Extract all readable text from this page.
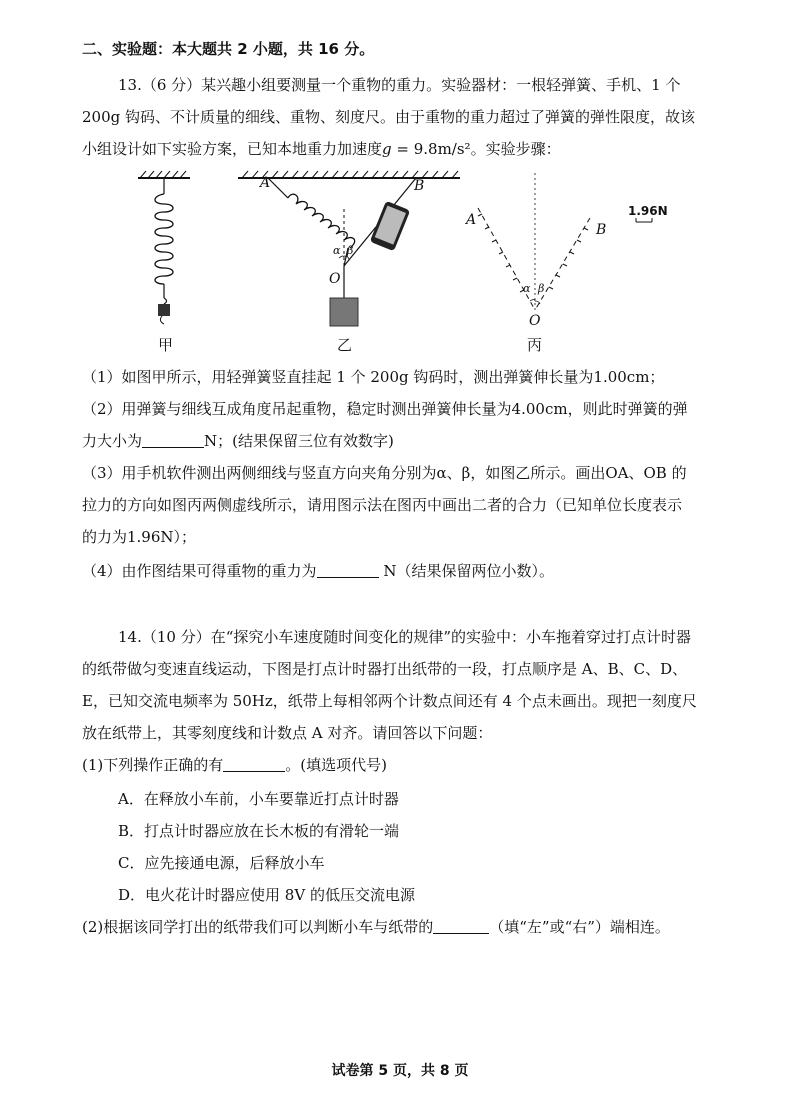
二、实验题：本大题共 2 小题，共 16 分。
13.（6 分）某兴趣小组要测量一个重物的重力。实验器材：一根轻弹簧、手机、1 个
200g 钩码、不计质量的细线、重物、刻度尺。由于重物的重力超过了弹簧的弹性限度，故该
小组设计如下实验方案，已知本地重力加速度g = 9.8m/s²。实验步骤：
A	B
O
α β
A
B
O
α β
1.96N
甲	乙	丙
（1）如图甲所示，用轻弹簧竖直挂起 1 个 200g 钩码时，测出弹簧伸长量为1.00cm；
（2）用弹簧与细线互成角度吊起重物，稳定时测出弹簧伸长量为4.00cm，则此时弹簧的弹
力大小为	N；(结果保留三位有效数字)
（3）用手机软件测出两侧细线与竖直方向夹角分别为α、β，如图乙所示。画出OA、OB 的
拉力的方向如图丙两侧虚线所示，请用图示法在图丙中画出二者的合力（已知单位长度表示
的力为1.96N）；
（4）由作图结果可得重物的重力为	N（结果保留两位小数）。
14.（10 分）在“探究小车速度随时间变化的规律”的实验中：小车拖着穿过打点计时器
的纸带做匀变速直线运动，下图是打点计时器打出纸带的一段，打点顺序是 A、B、C、D、
E，已知交流电频率为 50Hz，纸带上每相邻两个计数点间还有 4 个点未画出。现把一刻度尺
放在纸带上，其零刻度线和计数点 A 对齐。请回答以下问题：
(1)下列操作正确的有	。(填选项代号)
A．在释放小车前，小车要靠近打点计时器
B．打点计时器应放在长木板的有滑轮一端
C．应先接通电源，后释放小车
D．电火花计时器应使用 8V 的低压交流电源
(2)根据该同学打出的纸带我们可以判断小车与纸带的	（填“左”或“右”）端相连。
试卷第 5 页，共 8 页
